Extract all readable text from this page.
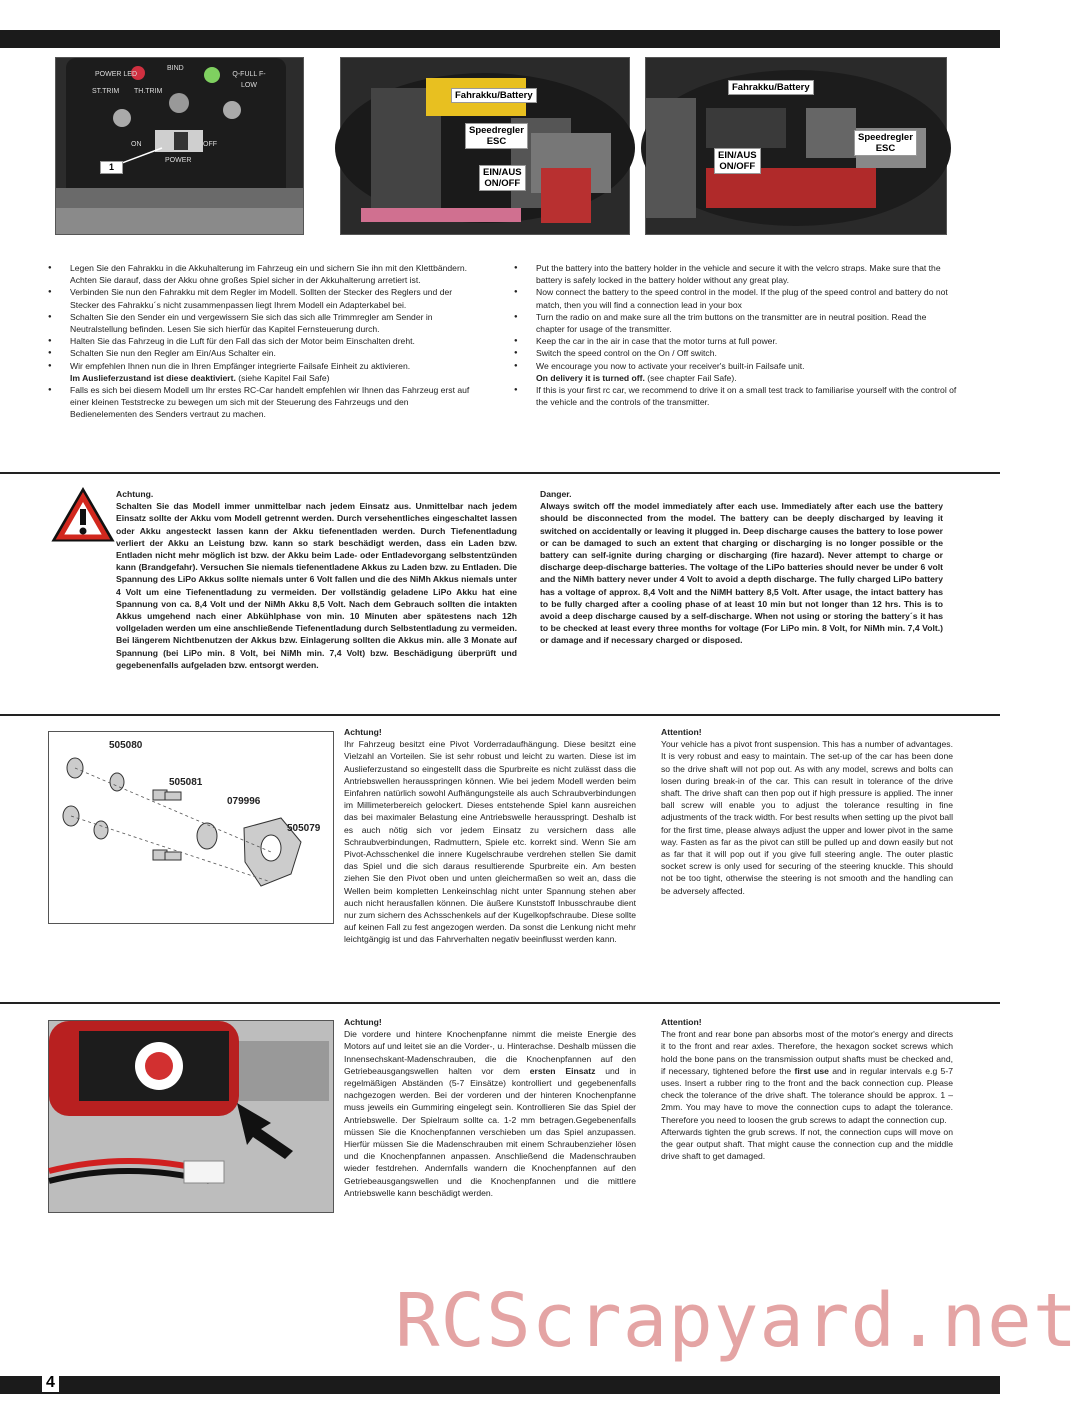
POWER LED
BIND
Q-FULL F-LOW
ST.TRIM	TH.TRIM
ON	OFF
POWER
1
Fahrakku/Battery
Speedregler
ESC
EIN/AUS
ON/OFF
Fahrakku/Battery
Speedregler
ESC
EIN/AUS
ON/OFF
● Legen Sie den Fahrakku in die Akkuhalterung im Fahrzeug ein und sichern Sie ihn mit den Klettbändern. Achten Sie darauf, dass der Akku ohne großes Spiel sicher in der Akkuhalterung arretiert ist.
● Verbinden Sie nun den Fahrakku mit dem Regler im Modell. Sollten der Stecker des Reglers und der Stecker des Fahrakku´s nicht zusammenpassen liegt Ihrem Modell ein Adapterkabel bei.
● Schalten Sie den Sender ein und vergewissern Sie sich das sich alle Trimmregler am Sender in Neutralstellung befinden. Lesen Sie sich hierfür das Kapitel Fernsteuerung durch.
● Halten Sie das Fahrzeug in die Luft für den Fall das sich der Motor beim Einschalten dreht.
● Schalten Sie nun den Regler am Ein/Aus Schalter ein.
● Wir empfehlen Ihnen nun die in Ihren Empfänger integrierte Failsafe Einheit zu aktivieren.
Im Auslieferzustand ist diese deaktiviert. (siehe Kapitel Fail Safe)
● Falls es sich bei diesem Modell um Ihr erstes RC-Car handelt empfehlen wir Ihnen das Fahrzeug erst auf einer kleinen Teststrecke zu bewegen um sich mit der Steuerung des Fahrzeugs und den Bedienelementen des Senders vertraut zu machen.
● Put the battery into the battery holder in the vehicle and secure it with the velcro straps. Make sure that the battery is safely locked in the battery holder without any great play.
● Now connect the battery to the speed control in the model. If the plug of the speed control and battery do not match, then you will find a connection lead in your box
● Turn the radio on and make sure all the trim buttons on the transmitter are in neutral position. Read the chapter for usage of the transmitter.
● Keep the car in the air in case that the motor turns at full power.
● Switch the speed control on the On / Off switch.
● We encourage you now to activate your receiver's built-in Failsafe unit.
On delivery it is turned off. (see chapter Fail Safe).
● If this is your first rc car, we recommend to drive it on a small test track to familiarise yourself with the control of the vehicle and the controls of the transmitter.
Achtung.
Schalten Sie das Modell immer unmittelbar nach jedem Einsatz aus. Unmittelbar nach jedem Einsatz sollte der Akku vom Modell getrennt werden. Durch versehentliches eingeschaltet lassen oder Akku angesteckt lassen kann der Akku tiefenentladen werden. Durch Tiefenentladung verliert der Akku an Leistung bzw. kann so stark beschädigt werden, dass ein Laden bzw. Entladen nicht mehr möglich ist bzw. der Akku beim Lade- oder Entladevorgang selbstentzünden kann (Brandgefahr). Versuchen Sie niemals tiefenentladene Akkus zu Laden bzw. zu Entladen. Die Spannung des LiPo Akkus sollte niemals unter 6 Volt fallen und die des NiMh Akkus niemals unter 4 Volt um eine Tiefenentladung zu vermeiden. Der vollständig geladene LiPo Akku hat eine Spannung von ca. 8,4 Volt und der NiMh Akku 8,5 Volt. Nach dem Gebrauch sollten die intakten Akkus umgehend nach einer Abkühlphase von min. 10 Minuten aber spätestens nach 12h vollgeladen werden um eine anschließende Tiefenentladung durch Selbstentladung zu vermeiden. Bei längerem Nichtbenutzen der Akkus bzw. Einlagerung sollten die Akkus min. alle 3 Monate auf Spannung (bei LiPo min. 8 Volt, bei NiMh min. 7,4 Volt) bzw. Beschädigung überprüft und gegebenenfalls aufgeladen bzw. entsorgt werden.
Danger.
Always switch off the model immediately after each use. Immediately after each use the battery should be disconnected from the model. The battery can be deeply discharged by leaving it switched on accidentally or leaving it plugged in. Deep discharge causes the battery to lose power or can be damaged to such an extent that charging or discharging is no longer possible or the battery can self-ignite during charging or discharging (fire hazard). Never attempt to charge or discharge deep-discharge batteries. The voltage of the LiPo batteries should never be under 6 volt and the NiMh battery never under 4 Volt to avoid a depth discharge. The fully charged LiPo battery has a voltage of approx. 8,4 Volt and the NiMH battery 8,5 Volt. After usage, the intact battery has to be fully charged after a cooling phase of at least 10 min but not longer than 12 hrs. This is to avoid a deep discharge caused by a self-discharge. When not using or storing the battery´s it has to be checked at least every three months for voltage (For LiPo min. 8 Volt, for NiMh min. 7,4 Volt.) or damage and if necessary charged or disposed.
505080
505081
079996
505079
Achtung!
Ihr Fahrzeug besitzt eine Pivot Vorderradaufhängung. Diese besitzt eine Vielzahl an Vorteilen. Sie ist sehr robust und leicht zu warten. Diese ist im Auslieferzustand so eingestellt dass die Spurbreite es nicht zulässt dass die Antriebswellen herausspringen können. Wie bei jedem Modell werden beim Einfahren natürlich sowohl Aufhängungsteile als auch Schraubverbindungen im Millimeterbereich gelockert. Dieses entstehende Spiel kann ausreichen das bei maximaler Belastung eine Antriebswelle herausspringt. Deshalb ist es auch nötig sich vor jedem Einsatz zu versichern dass alle Schraubverbindungen, Radmuttern, Spiele etc. korrekt sind. Wenn Sie am Pivot-Achsschenkel die innere Kugelschraube verdrehen stellen Sie damit das Spiel und die sich daraus resultierende Spurbreite ein. Am besten ziehen Sie den Pivot oben und unten gleichermaßen so weit an, dass die Wellen beim kompletten Lenkeinschlag nicht unter Spannung stehen aber auch nicht herausfallen können. Die äußere Kunststoff Inbusschraube dient nur zum sichern des Achsschenkels auf der Kugelkopfschraube. Diese sollte auf keinen Fall zu fest angezogen werden. Da sonst die Lenkung nicht mehr leichtgängig ist und das Fahrverhalten negativ beeinflusst werden kann.
Attention!
Your vehicle has a pivot front suspension. This has a number of advantages. It is very robust and easy to maintain. The set-up of the car has been done so the drive shaft will not pop out. As with any model, screws and bolts can losen during break-in of the car. This can result in tolerance of the drive shaft. The drive shaft can then pop out if high pressure is applied. The inner ball screw will enable you to adjust the tolerance resulting in fine adjustments of the track width. For best results when setting up the pivot ball for the first time, please always adjust the upper and lower pivot in the same way. Fasten as far as the pivot can still be pulled up and down easily but not as far that it will pop out if you give full steering angle. The outer plastic socket screw is only used for securing of the steering knuckle. This should not be too tight, otherwise the steering is not smooth and the handling can be adversely affected.
Achtung!
Die vordere und hintere Knochenpfanne nimmt die meiste Energie des Motors auf und leitet sie an die Vorder-, u. Hinterachse. Deshalb müssen die Innensechskant-Madenschrauben, die die Knochenpfannen auf den Getriebeausgangswellen halten vor dem ersten Einsatz und in regelmäßigen Abständen (5-7 Einsätze) kontrolliert und gegebenenfalls nachgezogen werden. Bei der vorderen und der hinteren Knochenpfanne muss jeweils ein Gummiring eingelegt sein. Kontrollieren Sie das Spiel der Antriebswelle. Der Spielraum sollte ca. 1-2 mm betragen.Gegebenenfalls müssen Sie die Knochenpfannen verschieben um das Spiel anzupassen. Hierfür müssen Sie die Madenschrauben mit einem Schraubenzieher lösen und die Knochenpfannen anpassen. Anschließend die Madenschrauben wieder festdrehen. Andernfalls wandern die Knochenpfannen auf den Getriebeausgangswellen und die Knochenpfannen und die mittlere Antriebswelle kann beschädigt werden.
Attention!
The front and rear bone pan absorbs most of the motor's energy and directs it to the front and rear axles. Therefore, the hexagon socket screws which hold the bone pans on the transmission output shafts must be checked and, if necessary, tightened before the first use and in regular intervals e.g 5-7 uses. Insert a rubber ring to the front and the back connection cup. Please check the tolerance of the drive shaft. The tolerance should be approx. 1 – 2mm. You may have to move the connection cups to adapt the tolerance. Therefore you need to loosen the grub screws to adapt the connection cup.
Afterwards tighten the grub screws. If not, the connection cups will move on the gear output shaft. That might cause the connection cup and the middle drive shaft to get damaged.
RCScrapyard.net
4
